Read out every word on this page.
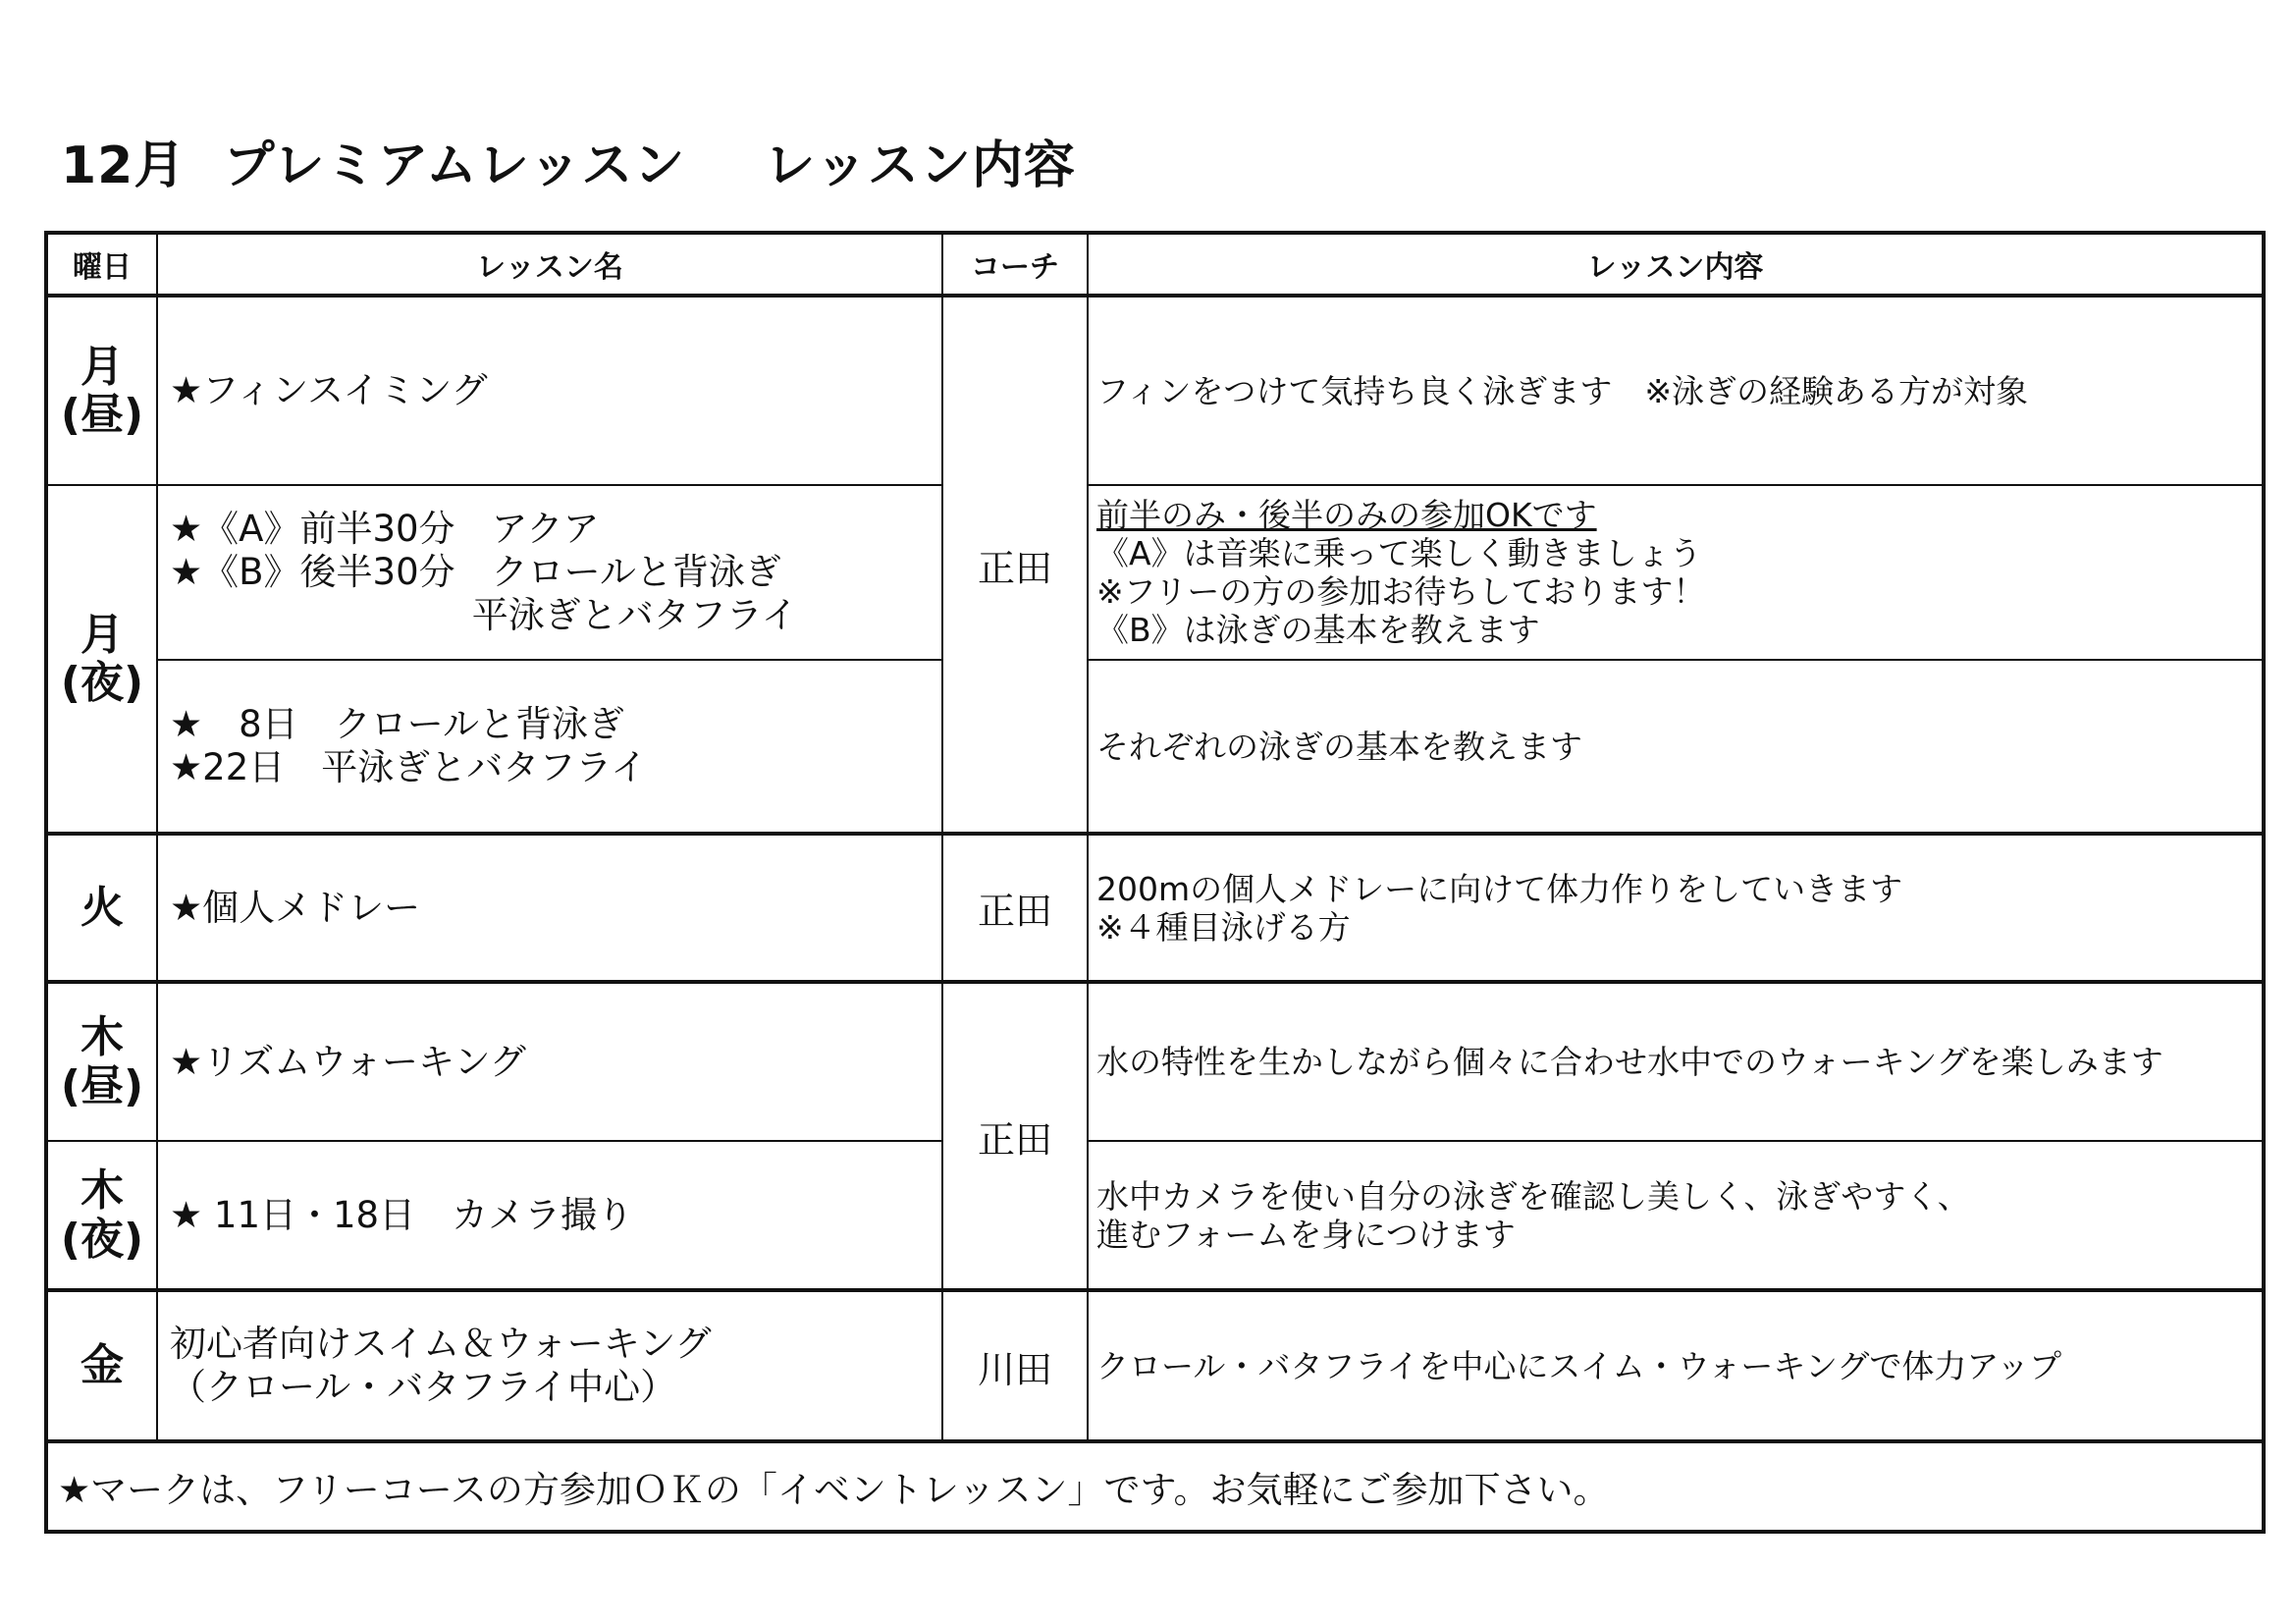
12月 プレミアムレッスン レッスン内容
曜日	レッスン名	コーチ	レッスン内容

月
(昼)	★フィンスイミング	正田	フィンをつけて気持ち良く泳ぎます　※泳ぎの経験ある方が対象

月
(夜)	★《A》前半30分　アクア
★《B》後半30分　クロールと背泳ぎ
　　　　　　　　 平泳ぎとバタフライ		前半のみ・後半のみの参加OKです
《A》は音楽に乗って楽しく動きましょう
※フリーの方の参加お待ちしております！
《B》は泳ぎの基本を教えます
	★　8日　クロールと背泳ぎ
★22日　平泳ぎとバタフライ		それぞれの泳ぎの基本を教えます

火	★個人メドレー	正田	200mの個人メドレーに向けて体力作りをしていきます
※４種目泳げる方

木
(昼)	★リズムウォーキング	正田	水の特性を生かしながら個々に合わせ水中でのウォーキングを楽しみます

木
(夜)	★ 11日・18日　カメラ撮り		水中カメラを使い自分の泳ぎを確認し美しく、泳ぎやすく、
進むフォームを身につけます

金	初心者向けスイム＆ウォーキング
（クロール・バタフライ中心）	川田	クロール・バタフライを中心にスイム・ウォーキングで体力アップ
★マークは、フリーコースの方参加ＯＫの「イベントレッスン」です。お気軽にご参加下さい。			
